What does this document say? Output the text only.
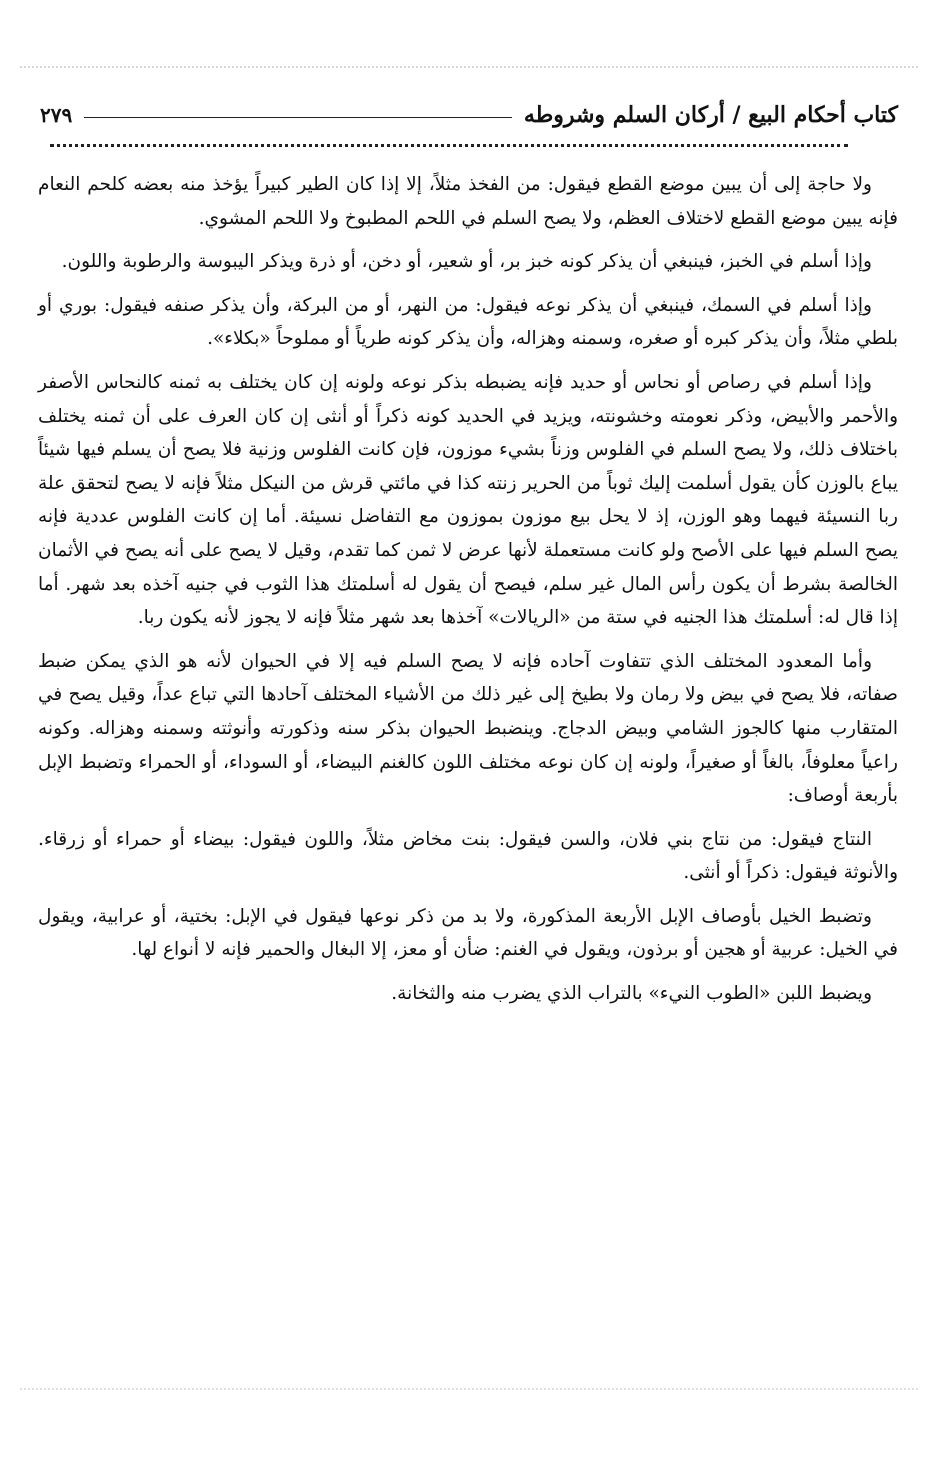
كتاب أحكام البيع / أركان السلم وشروطه
٢٧٩

ولا حاجة إلى أن يبين موضع القطع فيقول: من الفخذ مثلاً، إلا إذا كان الطير كبيراً يؤخذ منه بعضه كلحم النعام فإنه يبين موضع القطع لاختلاف العظم، ولا يصح السلم في اللحم المطبوخ ولا اللحم المشوي.

وإذا أسلم في الخبز، فينبغي أن يذكر كونه خبز بر، أو شعير، أو دخن، أو ذرة ويذكر اليبوسة والرطوبة واللون.

وإذا أسلم في السمك، فينبغي أن يذكر نوعه فيقول: من النهر، أو من البركة، وأن يذكر صنفه فيقول: بوري أو بلطي مثلاً، وأن يذكر كبره أو صغره، وسمنه وهزاله، وأن يذكر كونه طرياً أو مملوحاً «بكلاء».

وإذا أسلم في رصاص أو نحاس أو حديد فإنه يضبطه بذكر نوعه ولونه إن كان يختلف به ثمنه كالنحاس الأصفر والأحمر والأبيض، وذكر نعومته وخشونته، ويزيد في الحديد كونه ذكراً أو أنثى إن كان العرف على أن ثمنه يختلف باختلاف ذلك، ولا يصح السلم في الفلوس وزناً بشيء موزون، فإن كانت الفلوس وزنية فلا يصح أن يسلم فيها شيئاً يباع بالوزن كأن يقول أسلمت إليك ثوباً من الحرير زنته كذا في مائتي قرش من النيكل مثلاً فإنه لا يصح لتحقق علة ربا النسيئة فيهما وهو الوزن، إذ لا يحل بيع موزون بموزون مع التفاضل نسيئة. أما إن كانت الفلوس عددية فإنه يصح السلم فيها على الأصح ولو كانت مستعملة لأنها عرض لا ثمن كما تقدم، وقيل لا يصح على أنه يصح في الأثمان الخالصة بشرط أن يكون رأس المال غير سلم، فيصح أن يقول له أسلمتك هذا الثوب في جنيه آخذه بعد شهر. أما إذا قال له: أسلمتك هذا الجنيه في ستة من «الريالات» آخذها بعد شهر مثلاً فإنه لا يجوز لأنه يكون ربا.

وأما المعدود المختلف الذي تتفاوت آحاده فإنه لا يصح السلم فيه إلا في الحيوان لأنه هو الذي يمكن ضبط صفاته، فلا يصح في بيض ولا رمان ولا بطيخ إلى غير ذلك من الأشياء المختلف آحادها التي تباع عداً، وقيل يصح في المتقارب منها كالجوز الشامي وبيض الدجاج. وينضبط الحيوان بذكر سنه وذكورته وأنوثته وسمنه وهزاله. وكونه راعياً معلوفاً، بالغاً أو صغيراً، ولونه إن كان نوعه مختلف اللون كالغنم البيضاء، أو السوداء، أو الحمراء وتضبط الإبل بأربعة أوصاف:

النتاج فيقول: من نتاج بني فلان، والسن فيقول: بنت مخاض مثلاً، واللون فيقول: بيضاء أو حمراء أو زرقاء. والأنوثة فيقول: ذكراً أو أنثى.

وتضبط الخيل بأوصاف الإبل الأربعة المذكورة، ولا بد من ذكر نوعها فيقول في الإبل: بختية، أو عرابية، ويقول في الخيل: عربية أو هجين أو برذون، ويقول في الغنم: ضأن أو معز، إلا البغال والحمير فإنه لا أنواع لها.

ويضبط اللبن «الطوب النيء» بالتراب الذي يضرب منه والثخانة.
